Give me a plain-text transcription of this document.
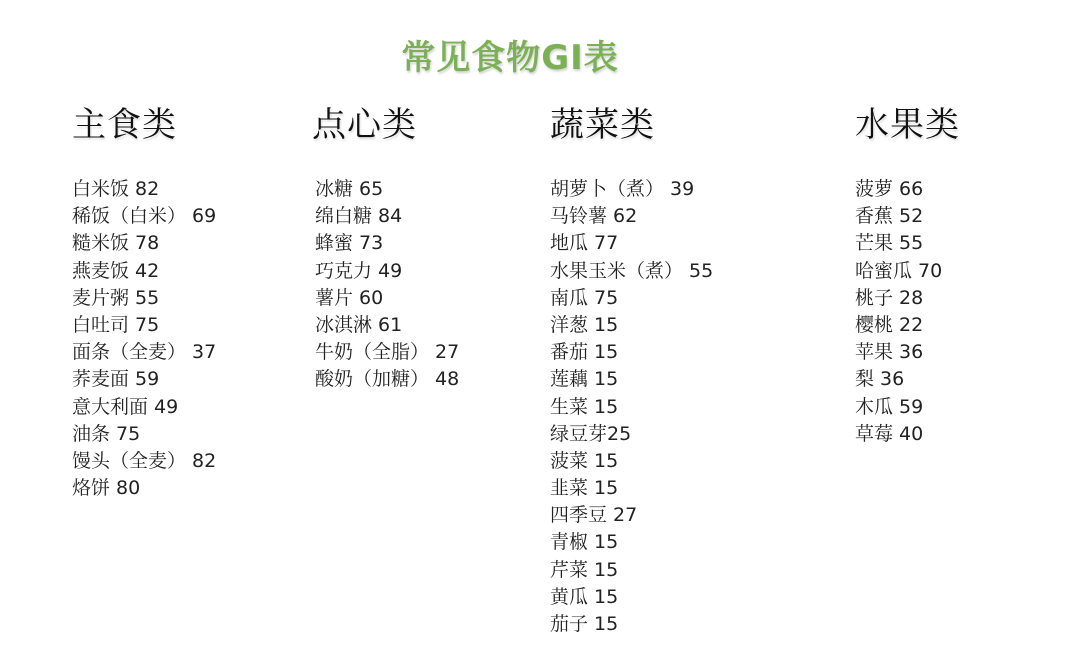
常见食物GI表
主食类
白米饭 82
稀饭（白米） 69
糙米饭 78
燕麦饭 42
麦片粥 55
白吐司 75
面条（全麦） 37
荞麦面 59
意大利面 49
油条 75
馒头（全麦） 82
烙饼 80
点心类
冰糖 65
绵白糖 84
蜂蜜 73
巧克力 49
薯片 60
冰淇淋 61
牛奶（全脂） 27
酸奶（加糖） 48
蔬菜类
胡萝卜（煮） 39
马铃薯 62
地瓜 77
水果玉米（煮） 55
南瓜 75
洋葱 15
番茄 15
莲藕 15
生菜 15
绿豆芽25
菠菜 15
韭菜 15
四季豆 27
青椒 15
芹菜 15
黄瓜 15
茄子 15
水果类
菠萝 66
香蕉 52
芒果 55
哈蜜瓜 70
桃子 28
樱桃 22
苹果 36
梨 36
木瓜 59
草莓 40
